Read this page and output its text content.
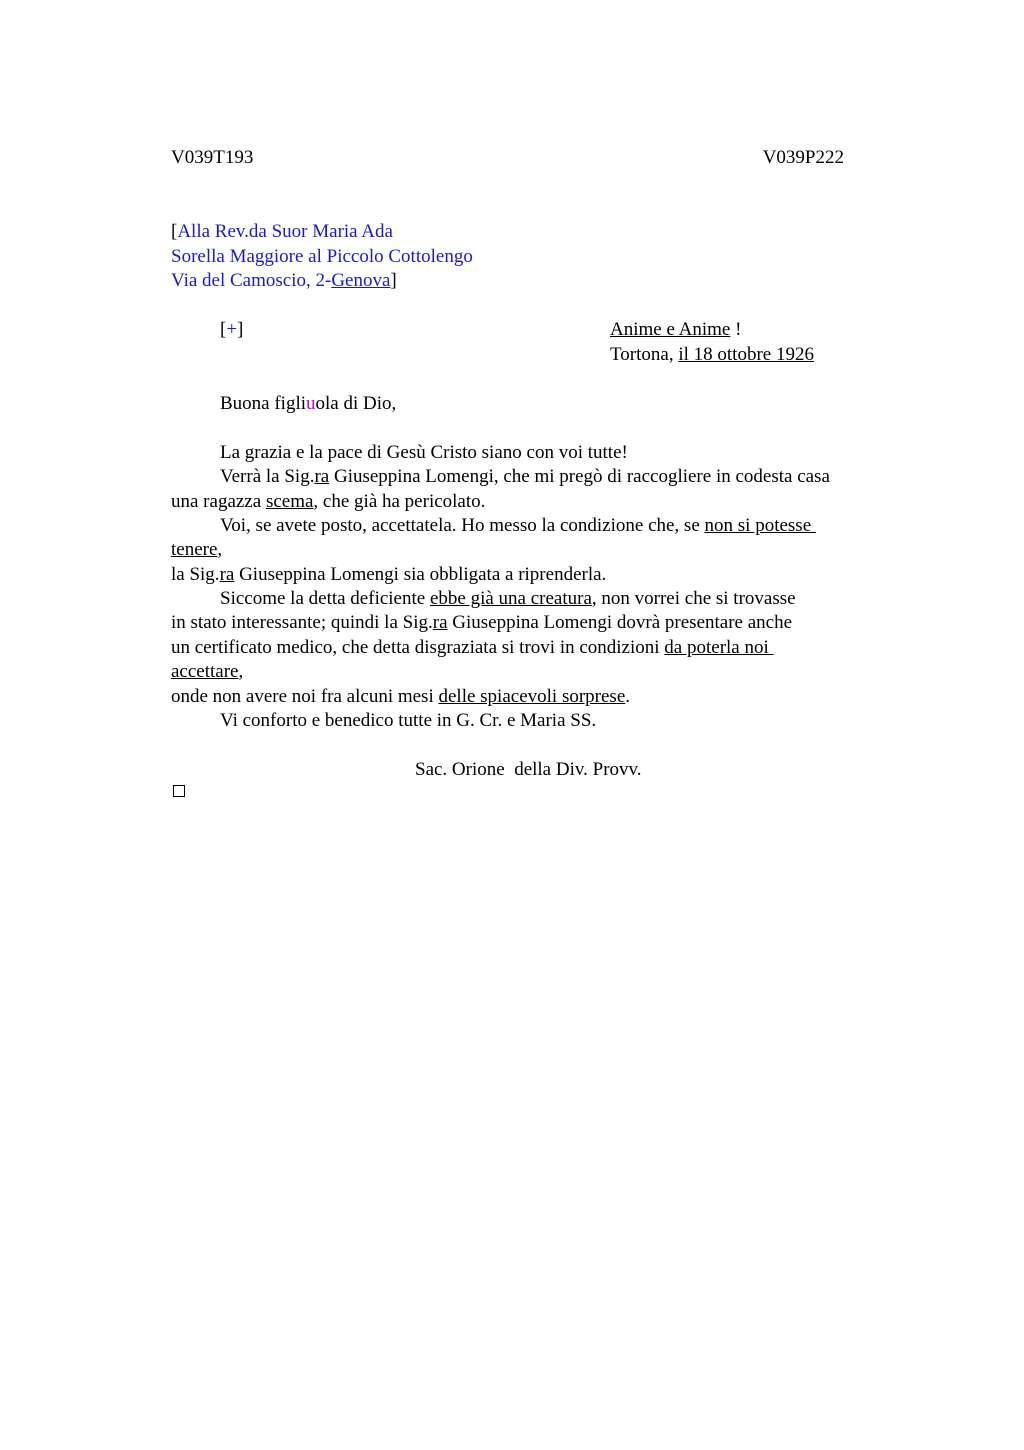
V039T193	V039P222
[Alla Rev.da Suor Maria Ada
Sorella Maggiore al Piccolo Cottolengo
Via del Camoscio, 2-Genova]
[+]	Anime e Anime !
Tortona, il 18 ottobre 1926
Buona figliuola di Dio,
La grazia e la pace di Gesù Cristo siano con voi tutte!
Verrà la Sig.ra Giuseppina Lomengi, che mi pregò di raccogliere in codesta casa
una ragazza scema, che già ha pericolato.
Voi, se avete posto, accettatela. Ho messo la condizione che, se non si potesse
tenere,
la Sig.ra Giuseppina Lomengi sia obbligata a riprenderla.
Siccome la detta deficiente ebbe già una creatura, non vorrei che si trovasse
in stato interessante; quindi la Sig.ra Giuseppina Lomengi dovrà presentare anche
un certificato medico, che detta disgraziata si trovi in condizioni da poterla noi
accettare,
onde non avere noi fra alcuni mesi delle spiacevoli sorprese.
Vi conforto e benedico tutte in G. Cr. e Maria SS.
Sac. Orione  della Div. Provv.
